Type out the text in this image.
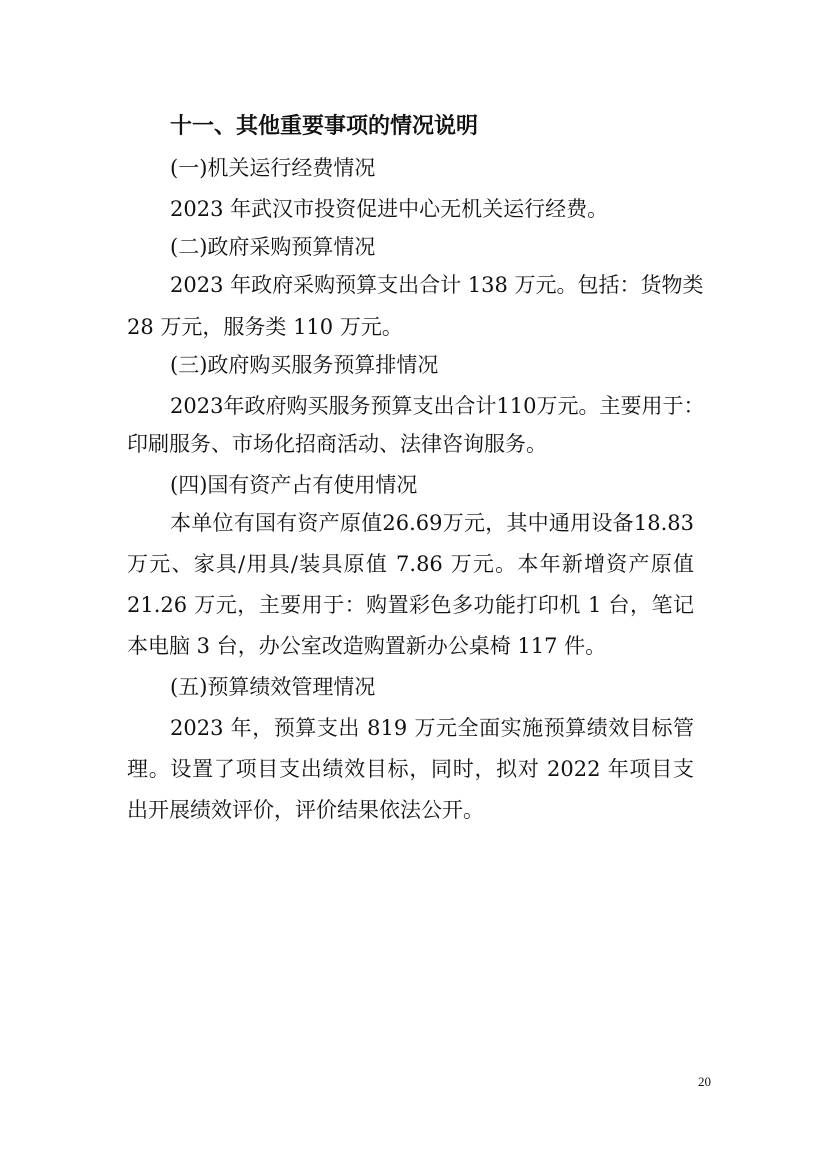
十一、其他重要事项的情况说明
(一)机关运行经费情况
2023 年武汉市投资促进中心无机关运行经费。
(二)政府采购预算情况
2023 年政府采购预算支出合计 138 万元。包括：货物类
28 万元，服务类 110 万元。
(三)政府购买服务预算排情况
2023年政府购买服务预算支出合计110万元。主要用于：
印刷服务、市场化招商活动、法律咨询服务。
(四)国有资产占有使用情况
本单位有国有资产原值26.69万元，其中通用设备18.83
万元、家具/用具/装具原值 7.86 万元。本年新增资产原值
21.26 万元，主要用于：购置彩色多功能打印机 1 台，笔记
本电脑 3 台，办公室改造购置新办公桌椅 117 件。
(五)预算绩效管理情况
2023 年，预算支出 819 万元全面实施预算绩效目标管
理。设置了项目支出绩效目标，同时，拟对 2022 年项目支
出开展绩效评价，评价结果依法公开。
20
